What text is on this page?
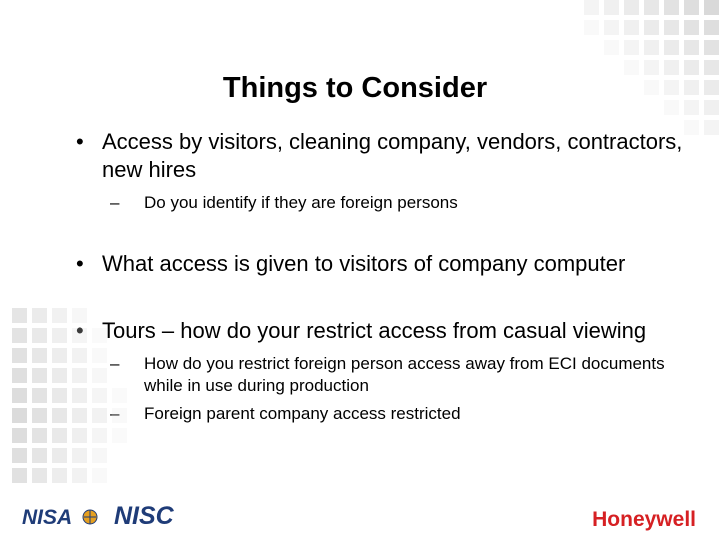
Things to Consider
• Access by visitors, cleaning company, vendors, contractors, new hires
– Do you identify if they are foreign persons
• What access is given to visitors of company computer
• Tours – how do your restrict access from casual viewing
– How do you restrict foreign person access away from ECI documents while in use during production
– Foreign parent company access restricted
NISA NISC	Honeywell
